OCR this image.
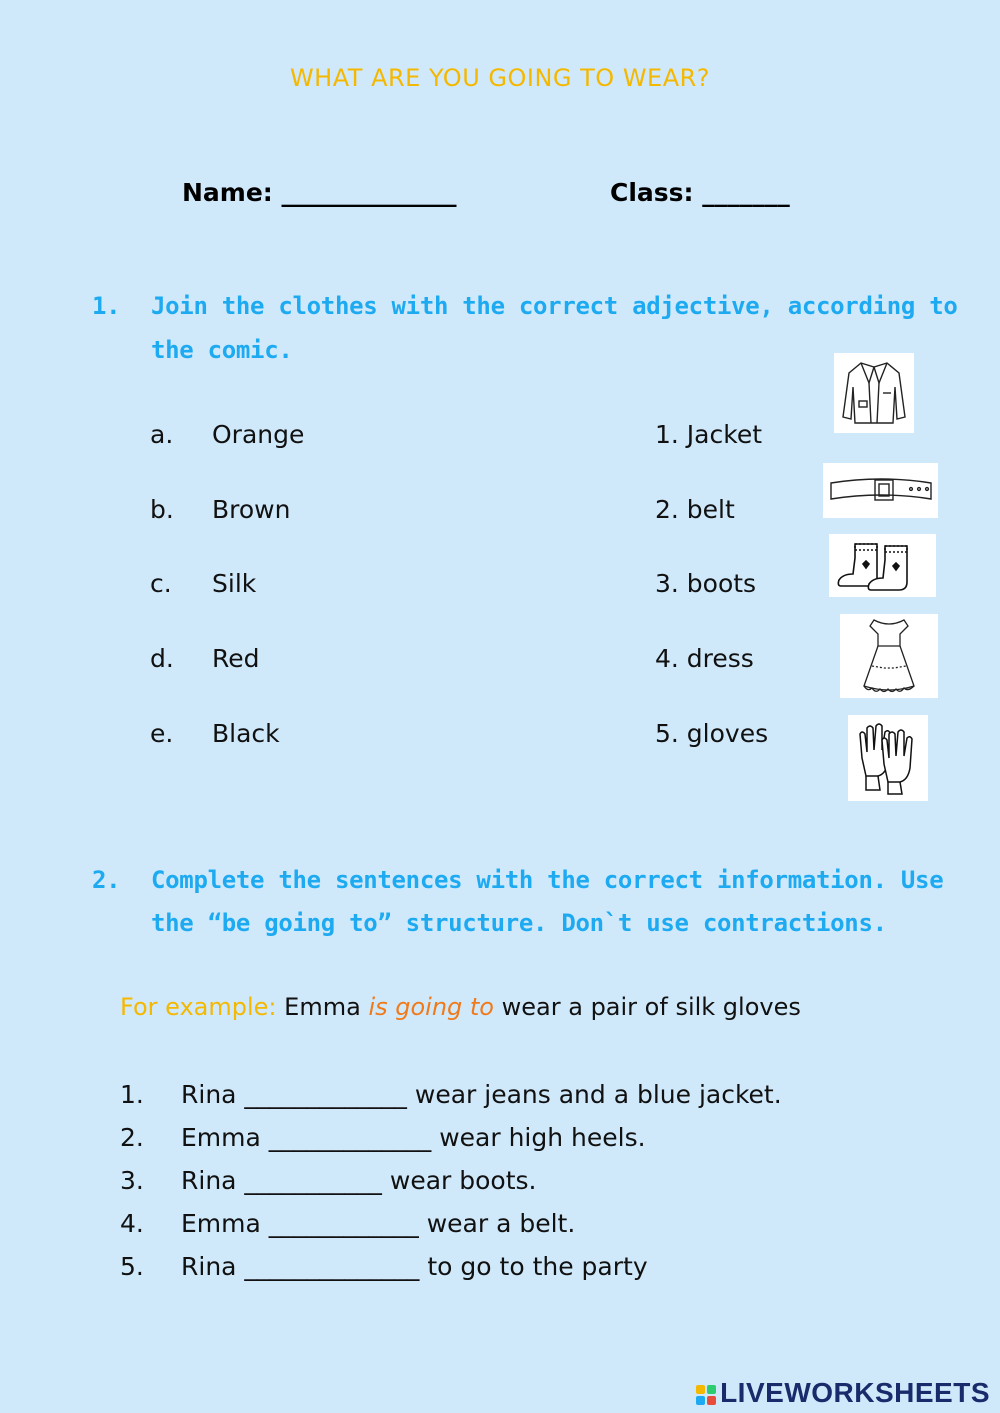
WHAT ARE YOU GOING TO WEAR?
Name: ______________	Class: _______
1. Join the clothes with the correct adjective, according to
the comic.
a. Orange
b. Brown
c. Silk
d. Red
e. Black
1. Jacket
2. belt
3. boots
4. dress
5. gloves
2. Complete the sentences with the correct information. Use
the “be going to” structure. Don`t use contractions.
For example: Emma is going to wear a pair of silk gloves
1. Rina _____________ wear jeans and a blue jacket.
2. Emma _____________ wear high heels.
3. Rina ___________ wear boots.
4. Emma ____________ wear a belt.
5. Rina ______________ to go to the party
LIVEWORKSHEETS
